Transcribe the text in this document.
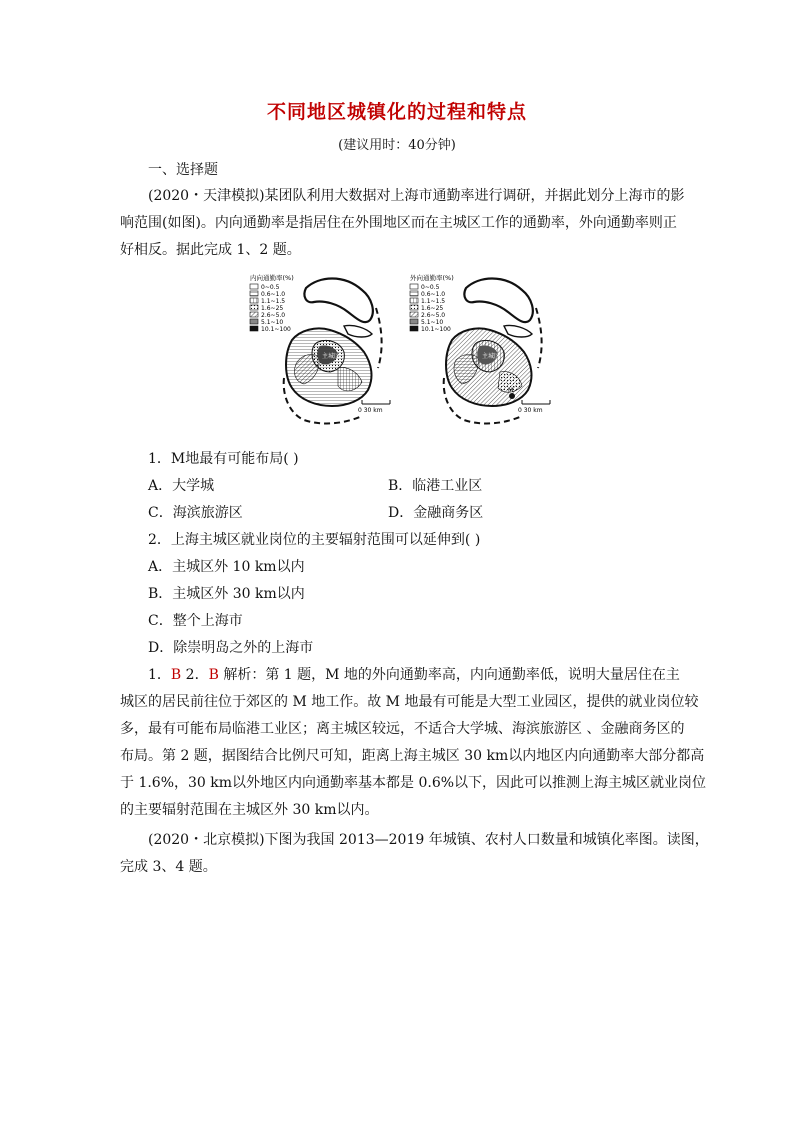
不同地区城镇化的过程和特点
(建议用时：40分钟)
一、选择题
(2020・天津模拟)某团队利用大数据对上海市通勤率进行调研，并据此划分上海市的影
响范围(如图)。内向通勤率是指居住在外围地区而在主城区工作的通勤率，外向通勤率则正
好相反。据此完成 1、2 题。
内向通勤率(%)
0~0.5
0.6~1.0
1.1~1.5
1.6~25
2.6~5.0
5.1~10
10.1~100
主城区
0 30 km
外向通勤率(%)
0~0.5
0.6~1.0
1.1~1.5
1.6~25
2.6~5.0
5.1~10
10.1~100
主城区
M
0 30 km
1．M地最有可能布局( )
A．大学城	B．临港工业区
C．海滨旅游区	D．金融商务区
2．上海主城区就业岗位的主要辐射范围可以延伸到( )
A．主城区外 10 km以内
B．主城区外 30 km以内
C．整个上海市
D．除崇明岛之外的上海市
1．B 2．B 解析：第 1 题，M 地的外向通勤率高，内向通勤率低，说明大量居住在主
城区的居民前往位于郊区的 M 地工作。故 M 地最有可能是大型工业园区，提供的就业岗位较
多，最有可能布局临港工业区；离主城区较远，不适合大学城、海滨旅游区 、金融商务区的
布局。第 2 题，据图结合比例尺可知，距离上海主城区 30 km以内地区内向通勤率大部分都高
于 1.6%，30 km以外地区内向通勤率基本都是 0.6%以下，因此可以推测上海主城区就业岗位
的主要辐射范围在主城区外 30 km以内。
(2020・北京模拟)下图为我国 2013—2019 年城镇、农村人口数量和城镇化率图。读图，
完成 3、4 题。
